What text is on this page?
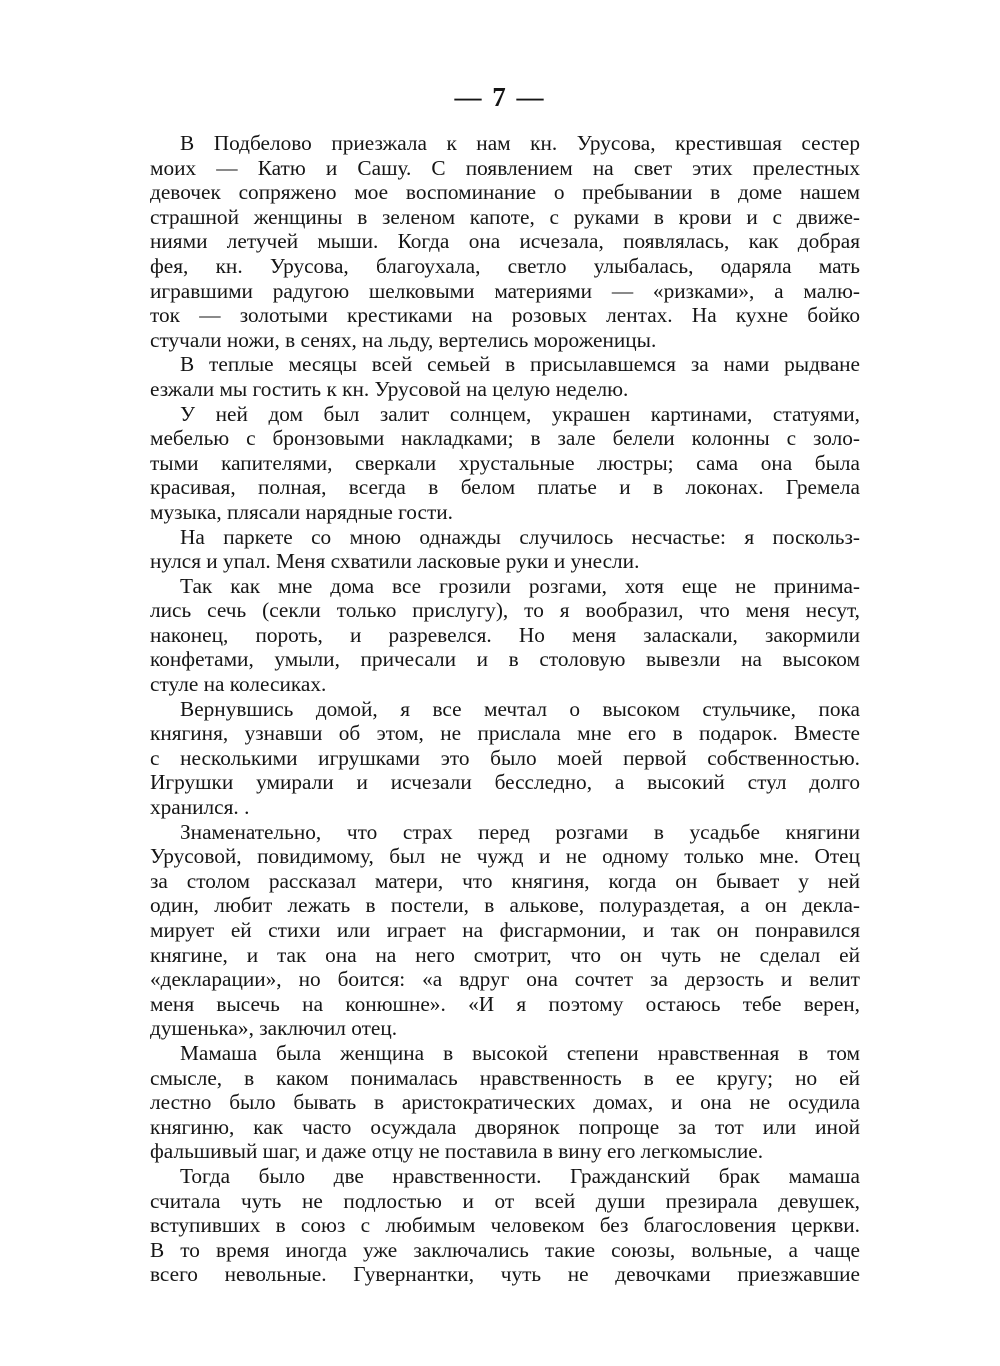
— 7 —
В Подбелово приезжала к нам кн. Урусова, крестившая сестер
моих — Катю и Сашу. С появлением на свет этих прелестных
девочек сопряжено мое воспоминание о пребывании в доме нашем
страшной женщины в зеленом капоте, с руками в крови и с движе-
ниями летучей мыши. Когда она исчезала, появлялась, как добрая
фея, кн. Урусова, благоухала, светло улыбалась, одаряла мать
игравшими радугою шелковыми материями — «ризками», а малю-
ток — золотыми крестиками на розовых лентах. На кухне бойко
стучали ножи, в сенях, на льду, вертелись мороженицы.
В теплые месяцы всей семьей в присылавшемся за нами рыдване
езжали мы гостить к кн. Урусовой на целую неделю.
У ней дом был залит солнцем, украшен картинами, статуями,
мебелью с бронзовыми накладками; в зале белели колонны с золо-
тыми капителями, сверкали хрустальные люстры; сама она была
красивая, полная, всегда в белом платье и в локонах. Гремела
музыка, плясали нарядные гости.
На паркете со мною однажды случилось несчастье: я поскольз-
нулся и упал. Меня схватили ласковые руки и унесли.
Так как мне дома все грозили розгами, хотя еще не принима-
лись сечь (секли только прислугу), то я вообразил, что меня несут,
наконец, пороть, и разревелся. Но меня заласкали, закормили
конфетами, умыли, причесали и в столовую вывезли на высоком
стуле на колесиках.
Вернувшись домой, я все мечтал о высоком стульчике, пока
княгиня, узнавши об этом, не прислала мне его в подарок. Вместе
с несколькими игрушками это было моей первой собственностью.
Игрушки умирали и исчезали бесследно, а высокий стул долго
хранился. .
Знаменательно, что страх перед розгами в усадьбе княгини
Урусовой, повидимому, был не чужд и не одному только мне. Отец
за столом рассказал матери, что княгиня, когда он бывает у ней
один, любит лежать в постели, в алькове, полураздетая, а он декла-
мирует ей стихи или играет на фисгармонии, и так он понравился
княгине, и так она на него смотрит, что он чуть не сделал ей
«декларации», но боится: «а вдруг она сочтет за дерзость и велит
меня высечь на конюшне». «И я поэтому остаюсь тебе верен,
душенька», заключил отец.
Мамаша была женщина в высокой степени нравственная в том
смысле, в каком понималась нравственность в ее кругу; но ей
лестно было бывать в аристократических домах, и она не осудила
княгиню, как часто осуждала дворянок попроще за тот или иной
фальшивый шаг, и даже отцу не поставила в вину его легкомыслие.
Тогда было две нравственности. Гражданский брак мамаша
считала чуть не подлостью и от всей души презирала девушек,
вступивших в союз с любимым человеком без благословения церкви.
В то время иногда уже заключались такие союзы, вольные, а чаще
всего невольные. Гувернантки, чуть не девочками приезжавшие
